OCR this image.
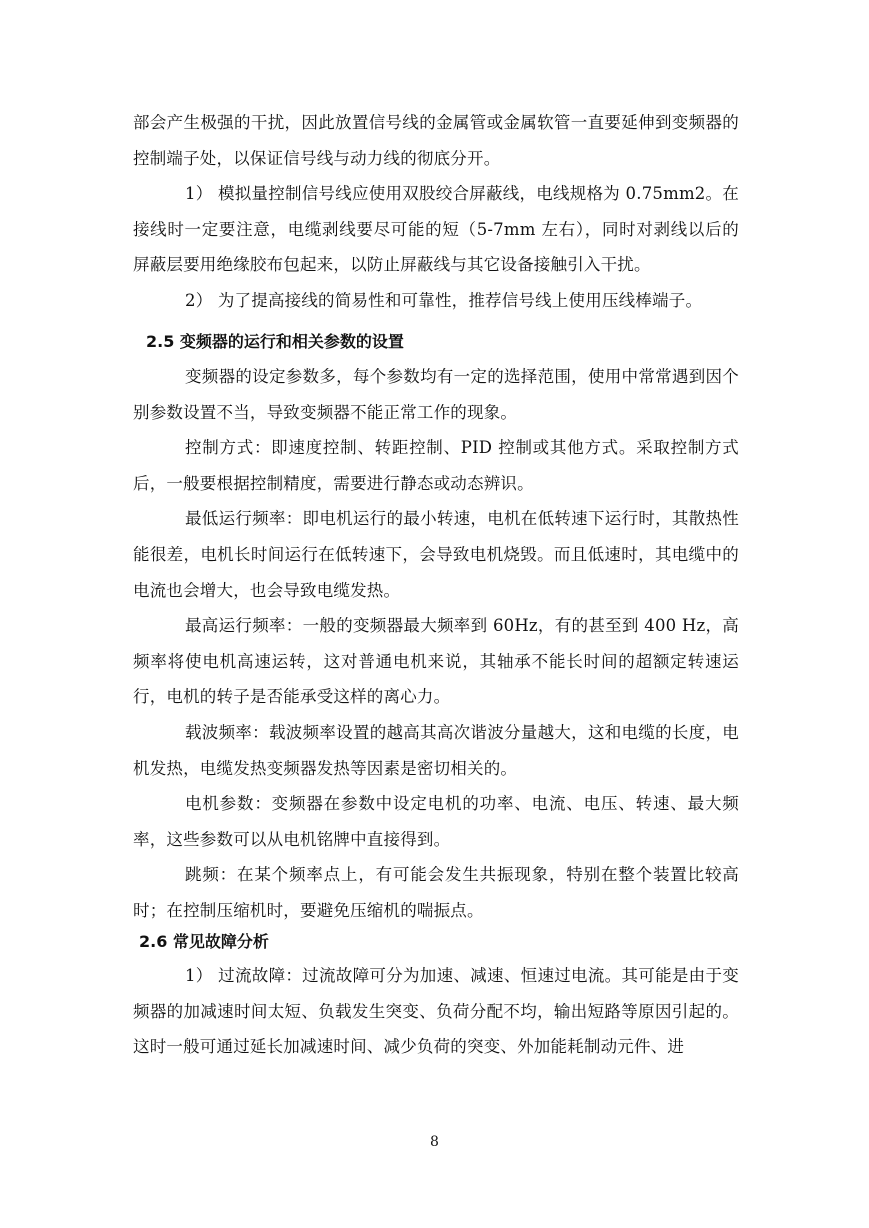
部会产生极强的干扰，因此放置信号线的金属管或金属软管一直要延伸到变频器的控制端子处，以保证信号线与动力线的彻底分开。

1） 模拟量控制信号线应使用双股绞合屏蔽线，电线规格为 0.75mm2。在接线时一定要注意，电缆剥线要尽可能的短（5-7mm 左右），同时对剥线以后的屏蔽层要用绝缘胶布包起来，以防止屏蔽线与其它设备接触引入干扰。

2） 为了提高接线的简易性和可靠性，推荐信号线上使用压线棒端子。

2.5 变频器的运行和相关参数的设置

变频器的设定参数多，每个参数均有一定的选择范围，使用中常常遇到因个别参数设置不当，导致变频器不能正常工作的现象。

控制方式：即速度控制、转距控制、PID 控制或其他方式。采取控制方式后，一般要根据控制精度，需要进行静态或动态辨识。

最低运行频率：即电机运行的最小转速，电机在低转速下运行时，其散热性能很差，电机长时间运行在低转速下，会导致电机烧毁。而且低速时，其电缆中的电流也会增大，也会导致电缆发热。

最高运行频率：一般的变频器最大频率到 60Hz，有的甚至到 400 Hz，高频率将使电机高速运转，这对普通电机来说，其轴承不能长时间的超额定转速运行，电机的转子是否能承受这样的离心力。

载波频率：载波频率设置的越高其高次谐波分量越大，这和电缆的长度，电机发热，电缆发热变频器发热等因素是密切相关的。

电机参数：变频器在参数中设定电机的功率、电流、电压、转速、最大频率，这些参数可以从电机铭牌中直接得到。

跳频：在某个频率点上，有可能会发生共振现象，特别在整个装置比较高时；在控制压缩机时，要避免压缩机的喘振点。

2.6 常见故障分析

1） 过流故障：过流故障可分为加速、减速、恒速过电流。其可能是由于变频器的加减速时间太短、负载发生突变、负荷分配不均，输出短路等原因引起的。这时一般可通过延长加减速时间、减少负荷的突变、外加能耗制动元件、进

8
